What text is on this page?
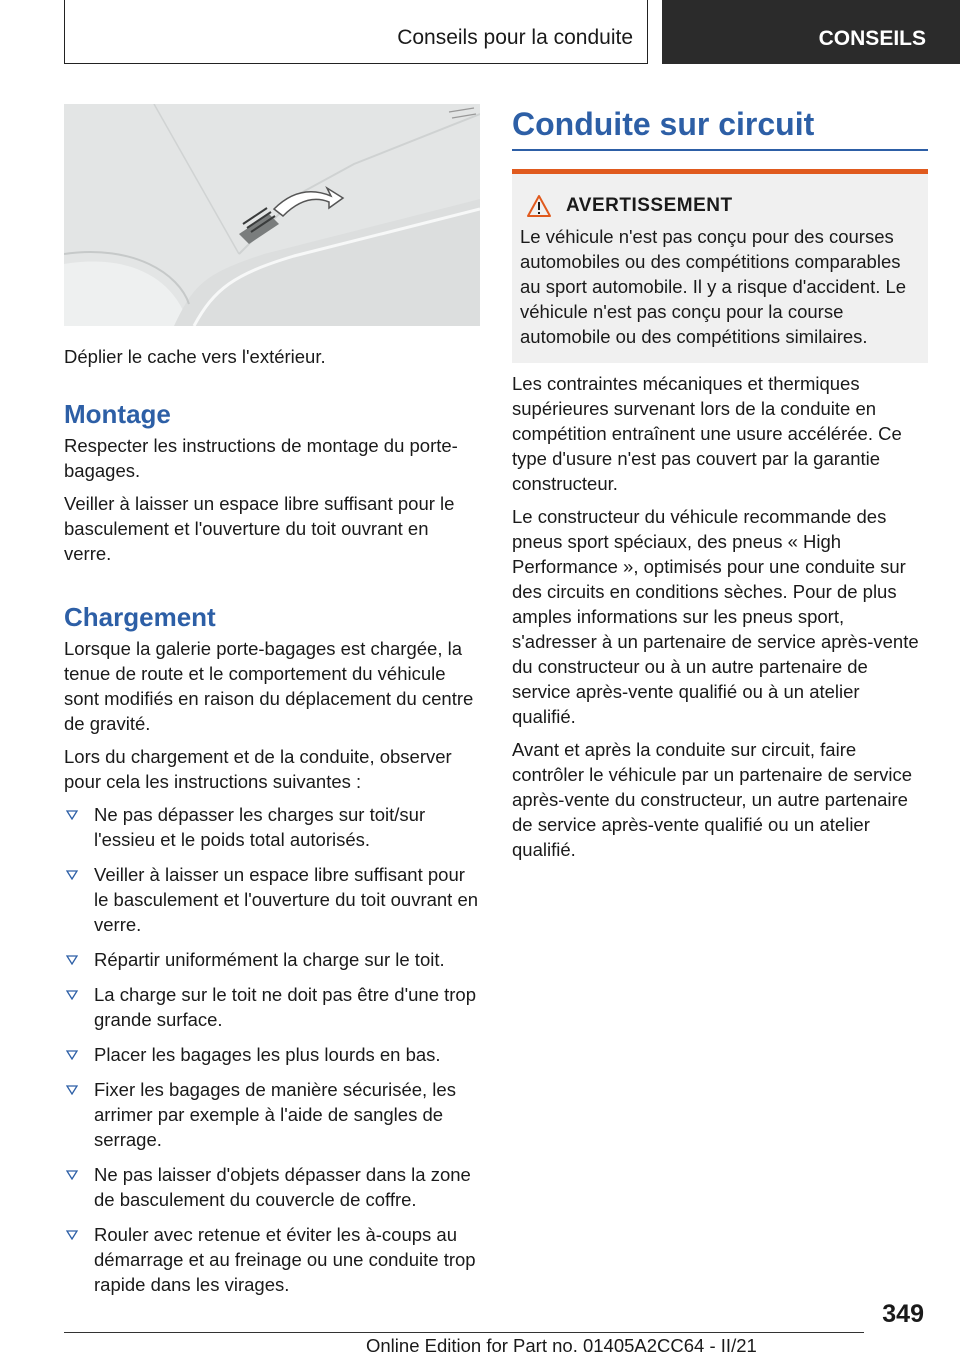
Conseils pour la conduite	CONSEILS
Déplier le cache vers l'extérieur.
Montage

Respecter les instructions de montage du porte-bagages.

Veiller à laisser un espace libre suffisant pour le basculement et l'ouverture du toit ouvrant en verre.

Chargement

Lorsque la galerie porte-bagages est chargée, la tenue de route et le comportement du véhicule sont modifiés en raison du déplacement du centre de gravité.

Lors du chargement et de la conduite, observer pour cela les instructions suivantes :

Ne pas dépasser les charges sur toit/sur l'essieu et le poids total autorisés.
Veiller à laisser un espace libre suffisant pour le basculement et l'ouverture du toit ouvrant en verre.
Répartir uniformément la charge sur le toit.
La charge sur le toit ne doit pas être d'une trop grande surface.
Placer les bagages les plus lourds en bas.
Fixer les bagages de manière sécurisée, les arrimer par exemple à l'aide de sangles de serrage.
Ne pas laisser d'objets dépasser dans la zone de basculement du couvercle de coffre.
Rouler avec retenue et éviter les à-coups au démarrage et au freinage ou une conduite trop rapide dans les virages.
Conduite sur circuit
AVERTISSEMENT

Le véhicule n'est pas conçu pour des courses automobiles ou des compétitions comparables au sport automobile. Il y a risque d'accident. Le véhicule n'est pas conçu pour la course automobile ou des compétitions similaires.

Les contraintes mécaniques et thermiques supérieures survenant lors de la conduite en compétition entraînent une usure accélérée. Ce type d'usure n'est pas couvert par la garantie constructeur.

Le constructeur du véhicule recommande des pneus sport spéciaux, des pneus « High Performance », optimisés pour une conduite sur des circuits en conditions sèches. Pour de plus amples informations sur les pneus sport, s'adresser à un partenaire de service après-vente du constructeur ou à un autre partenaire de service après-vente qualifié ou à un atelier qualifié.

Avant et après la conduite sur circuit, faire contrôler le véhicule par un partenaire de service après-vente du constructeur, un autre partenaire de service après-vente qualifié ou un atelier qualifié.

349
Online Edition for Part no. 01405A2CC64 - II/21
